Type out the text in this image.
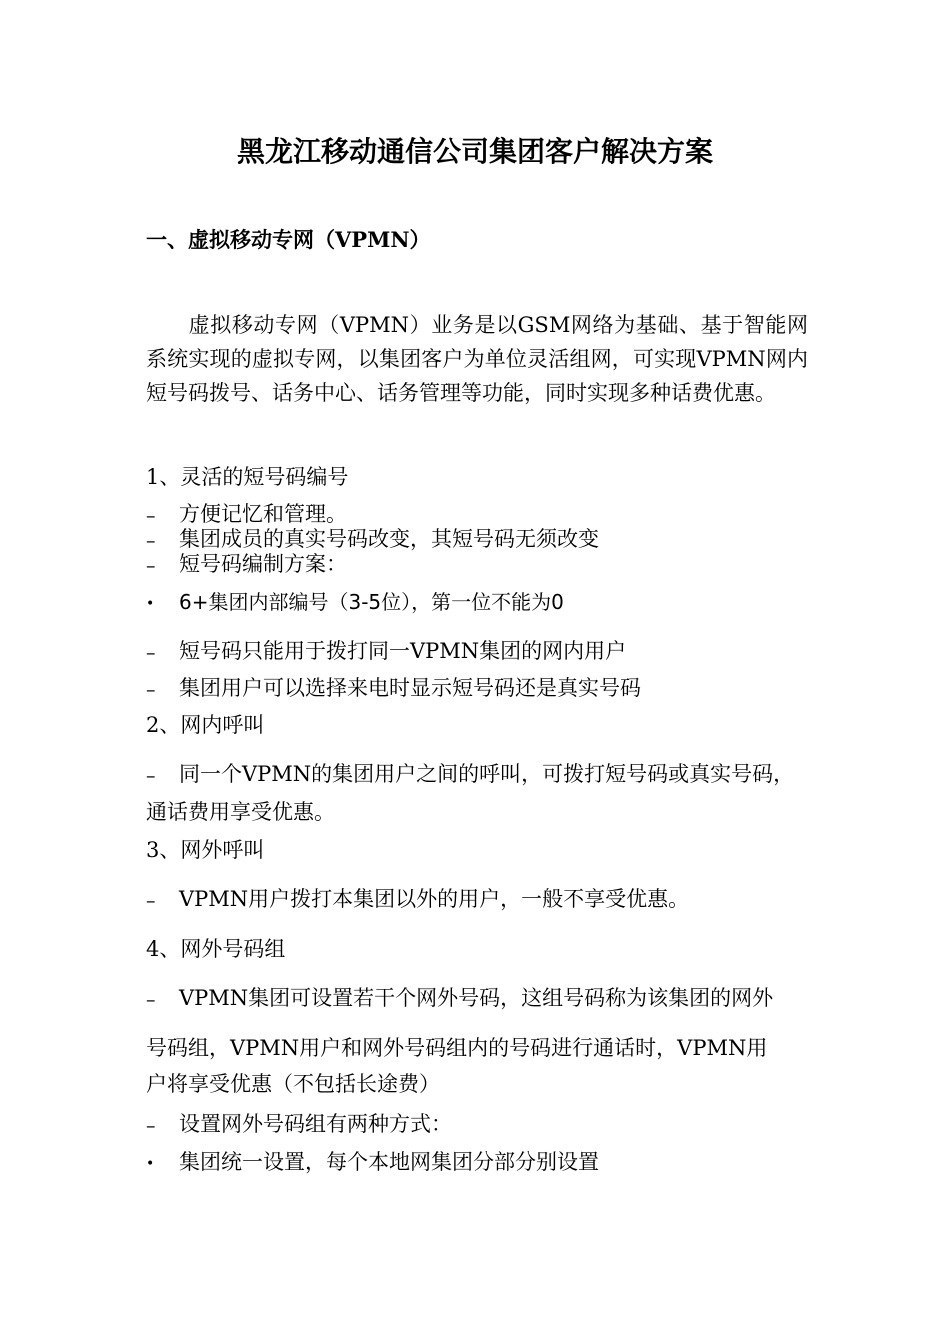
黑龙江移动通信公司集团客户解决方案
一、虚拟移动专网（VPMN）
虚拟移动专网（VPMN）业务是以GSM网络为基础、基于智能网系统实现的虚拟专网，以集团客户为单位灵活组网，可实现VPMN网内短号码拨号、话务中心、话务管理等功能，同时实现多种话费优惠。
1、灵活的短号码编号
– 方便记忆和管理。
– 集团成员的真实号码改变，其短号码无须改变
– 短号码编制方案：
• 6+集团内部编号（3-5位），第一位不能为0
– 短号码只能用于拨打同一VPMN集团的网内用户
– 集团用户可以选择来电时显示短号码还是真实号码
2、网内呼叫
– 同一个VPMN的集团用户之间的呼叫，可拨打短号码或真实号码，
通话费用享受优惠。
3、网外呼叫
– VPMN用户拨打本集团以外的用户，一般不享受优惠。
4、网外号码组
– VPMN集团可设置若干个网外号码，这组号码称为该集团的网外
号码组，VPMN用户和网外号码组内的号码进行通话时，VPMN用
户将享受优惠（不包括长途费）
– 设置网外号码组有两种方式：
• 集团统一设置，每个本地网集团分部分别设置
